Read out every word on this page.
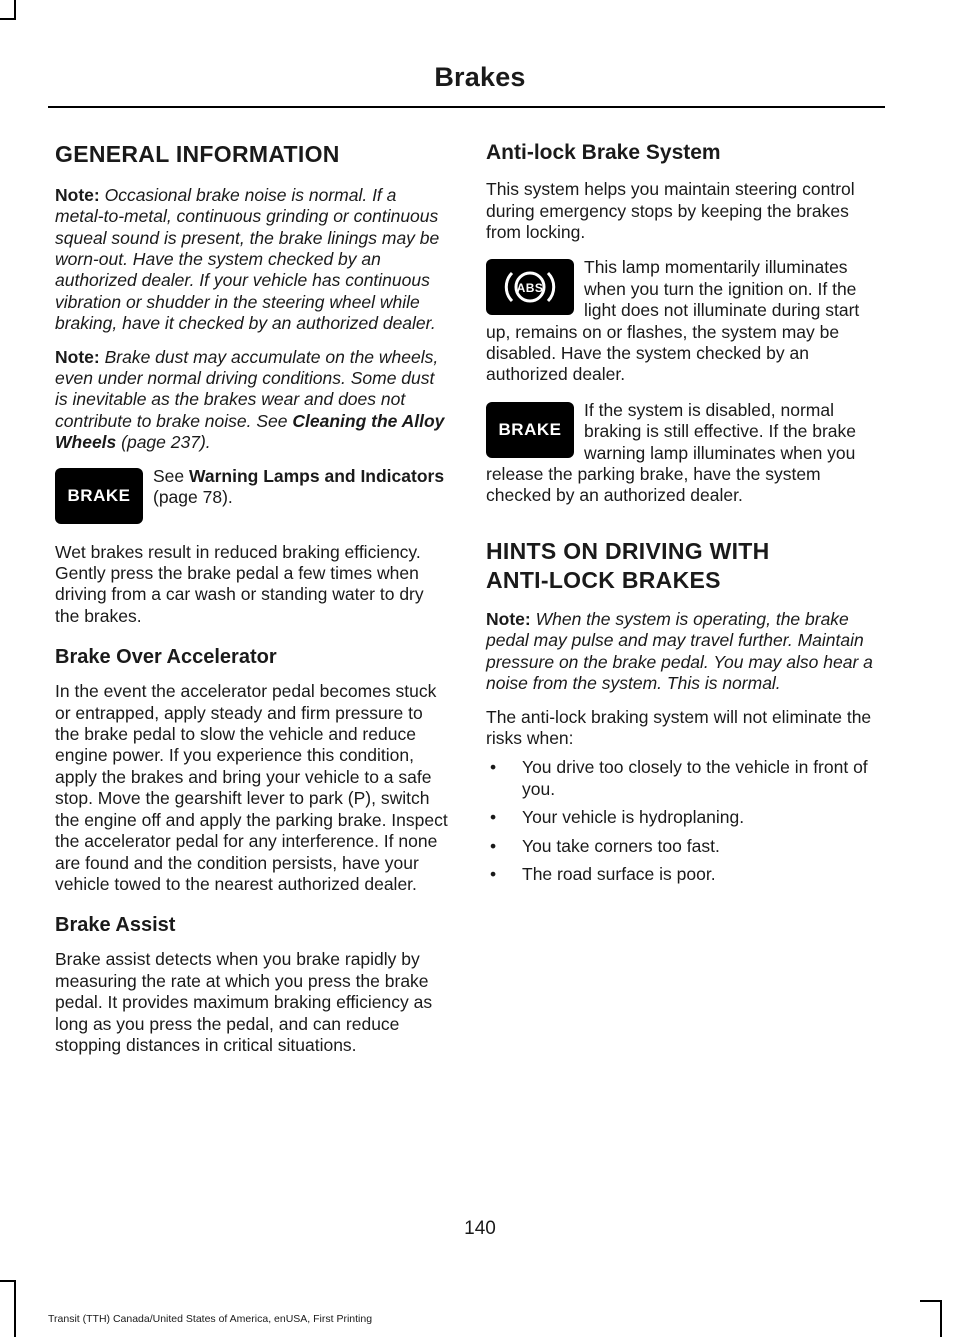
Brakes
GENERAL INFORMATION

Note: Occasional brake noise is normal. If a metal-to-metal, continuous grinding or continuous squeal sound is present, the brake linings may be worn-out. Have the system checked by an authorized dealer. If your vehicle has continuous vibration or shudder in the steering wheel while braking, have it checked by an authorized dealer.

Note: Brake dust may accumulate on the wheels, even under normal driving conditions. Some dust is inevitable as the brakes wear and does not contribute to brake noise. See Cleaning the Alloy Wheels (page 237).

BRAKE

See Warning Lamps and Indicators (page 78).

Wet brakes result in reduced braking efficiency. Gently press the brake pedal a few times when driving from a car wash or standing water to dry the brakes.

Brake Over Accelerator

In the event the accelerator pedal becomes stuck or entrapped, apply steady and firm pressure to the brake pedal to slow the vehicle and reduce engine power. If you experience this condition, apply the brakes and bring your vehicle to a safe stop. Move the gearshift lever to park (P), switch the engine off and apply the parking brake. Inspect the accelerator pedal for any interference. If none are found and the condition persists, have your vehicle towed to the nearest authorized dealer.

Brake Assist

Brake assist detects when you brake rapidly by measuring the rate at which you press the brake pedal. It provides maximum braking efficiency as long as you press the pedal, and can reduce stopping distances in critical situations.

Anti-lock Brake System

This system helps you maintain steering control during emergency stops by keeping the brakes from locking.

ABS

This lamp momentarily illuminates when you turn the ignition on. If the light does not illuminate during start up, remains on or flashes, the system may be disabled. Have the system checked by an authorized dealer.

BRAKE

If the system is disabled, normal braking is still effective. If the brake warning lamp illuminates when you release the parking brake, have the system checked by an authorized dealer.

HINTS ON DRIVING WITH ANTI-LOCK BRAKES

Note: When the system is operating, the brake pedal may pulse and may travel further. Maintain pressure on the brake pedal. You may also hear a noise from the system. This is normal.

The anti-lock braking system will not eliminate the risks when:

• You drive too closely to the vehicle in front of you.
• Your vehicle is hydroplaning.
• You take corners too fast.
• The road surface is poor.
140
Transit (TTH) Canada/United States of America, enUSA, First Printing
